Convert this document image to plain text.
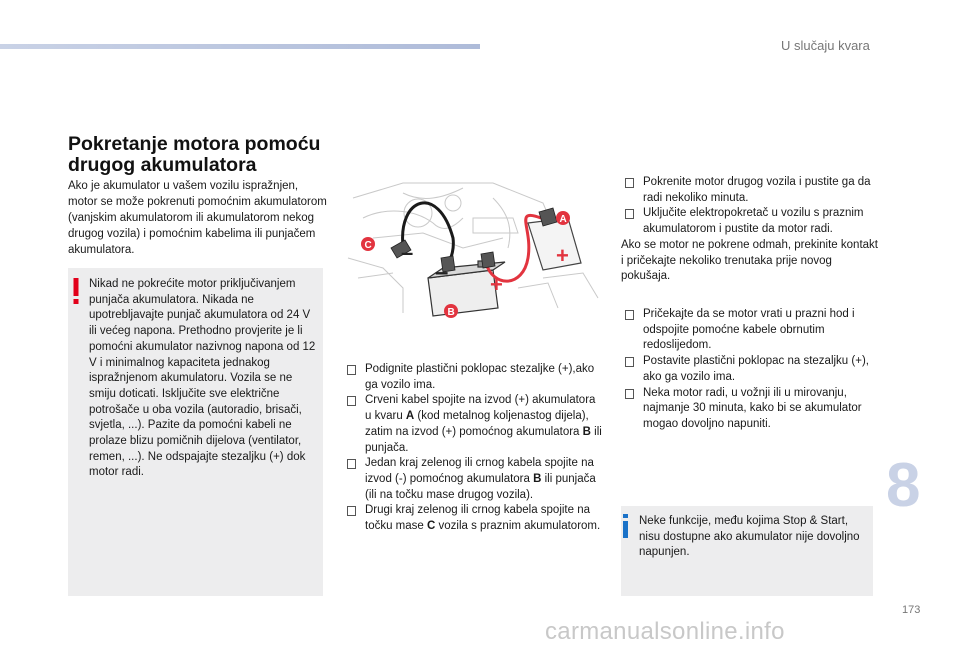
U slučaju kvara
Pokretanje motora pomoću drugog akumulatora

Ako je akumulator u vašem vozilu ispražnjen, motor se može pokrenuti pomoćnim akumulatorom (vanjskim akumulatorom ili akumulatorom nekog drugog vozila) i pomoćnim kabelima ili punjačem akumulatora.

Nikad ne pokrećite motor priključivanjem punjača akumulatora. Nikada ne upotrebljavajte punjač akumulatora od 24 V ili većeg napona. Prethodno provjerite je li pomoćni akumulator nazivnog napona od 12 V i minimalnog kapaciteta jednakog ispražnjenom akumulatoru. Vozila se ne smiju doticati. Isključite sve električne potrošače u oba vozila (autoradio, brisači, svjetla, ...). Pazite da pomoćni kabeli ne prolaze blizu pomičnih dijelova (ventilator, remen, ...). Ne odspajajte stezaljku (+) dok motor radi.

–
– +
+
A
B
C
Podignite plastični poklopac stezaljke (+),ako ga vozilo ima.
Crveni kabel spojite na izvod (+) akumulatora u kvaru A (kod metalnog koljenastog dijela), zatim na izvod (+) pomoćnog akumulatora B ili punjača.
Jedan kraj zelenog ili crnog kabela spojite na izvod (-) pomoćnog akumulatora B ili punjača (ili na točku mase drugog vozila).
Drugi kraj zelenog ili crnog kabela spojite na točku mase C vozila s praznim akumulatorom.
Pokrenite motor drugog vozila i pustite ga da radi nekoliko minuta.
Uključite elektropokretač u vozilu s praznim akumulatorom i pustite da motor radi.

Ako se motor ne pokrene odmah, prekinite kontakt i pričekajte nekoliko trenutaka prije novog pokušaja.

Pričekajte da se motor vrati u prazni hod i odspojite pomoćne kabele obrnutim redoslijedom.
Postavite plastični poklopac na stezaljku (+), ako ga vozilo ima.
Neka motor radi, u vožnji ili u mirovanju, najmanje 30 minuta, kako bi se akumulator mogao dovoljno napuniti.

Neke funkcije, među kojima Stop & Start, nisu dostupne ako akumulator nije dovoljno napunjen.

8
173
carmanualsonline.info
